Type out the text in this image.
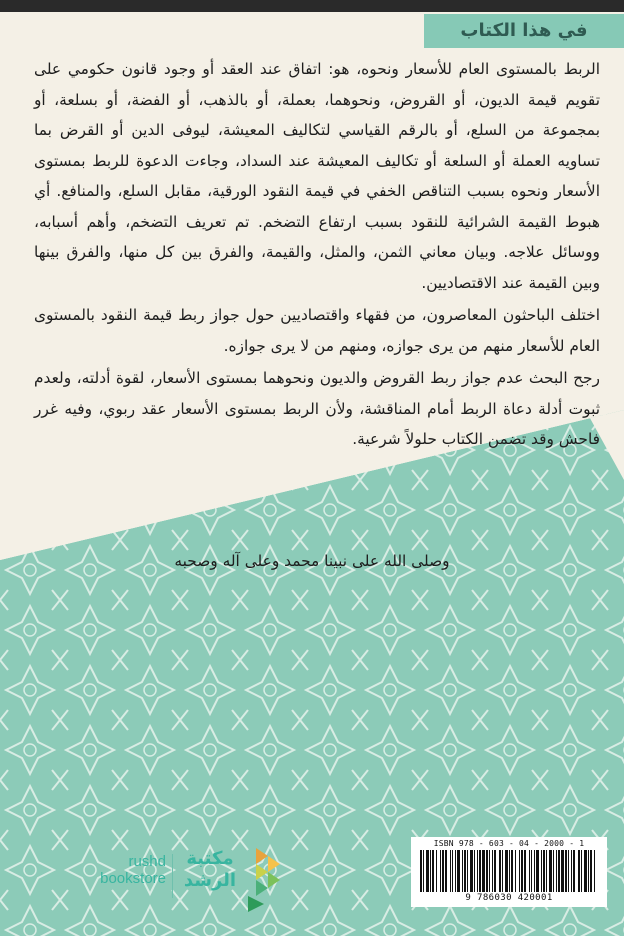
في هذا الكتاب

الربط بالمستوى العام للأسعار ونحوه، هو: اتفاق عند العقد أو وجود قانون حكومي على تقويم قيمة الديون، أو القروض، ونحوهما، بعملة، أو بالذهب، أو الفضة، أو بسلعة، أو بمجموعة من السلع، أو بالرقم القياسي لتكاليف المعيشة، ليوفى الدين أو القرض بما تساويه العملة أو السلعة أو تكاليف المعيشة عند السداد، وجاءت الدعوة للربط بمستوى الأسعار ونحوه بسبب التناقص الخفي في قيمة النقود الورقية، مقابل السلع، والمنافع. أي هبوط القيمة الشرائية للنقود بسبب ارتفاع التضخم. تم تعريف التضخم، وأهم أسبابه، ووسائل علاجه. وبيان معاني الثمن، والمثل، والقيمة، والفرق بين كل منها، والفرق بينها وبين القيمة عند الاقتصاديين.

اختلف الباحثون المعاصرون، من فقهاء واقتصاديين حول جواز ربط قيمة النقود بالمستوى العام للأسعار منهم من يرى جوازه، ومنهم من لا يرى جوازه.

رجح البحث عدم جواز ربط القروض والديون ونحوهما بمستوى الأسعار، لقوة أدلته، ولعدم ثبوت أدلة دعاة الربط أمام المناقشة، ولأن الربط بمستوى الأسعار عقد ربوي، وفيه غرر فاحش وقد تضمن الكتاب حلولاً شرعية.

وصلى الله على نبينا محمد وعلى آله وصحبه
مكتبة
الرشد
rushd
bookstore
ISBN 978 - 603 - 04 - 2000 - 1
9 786030 420001
